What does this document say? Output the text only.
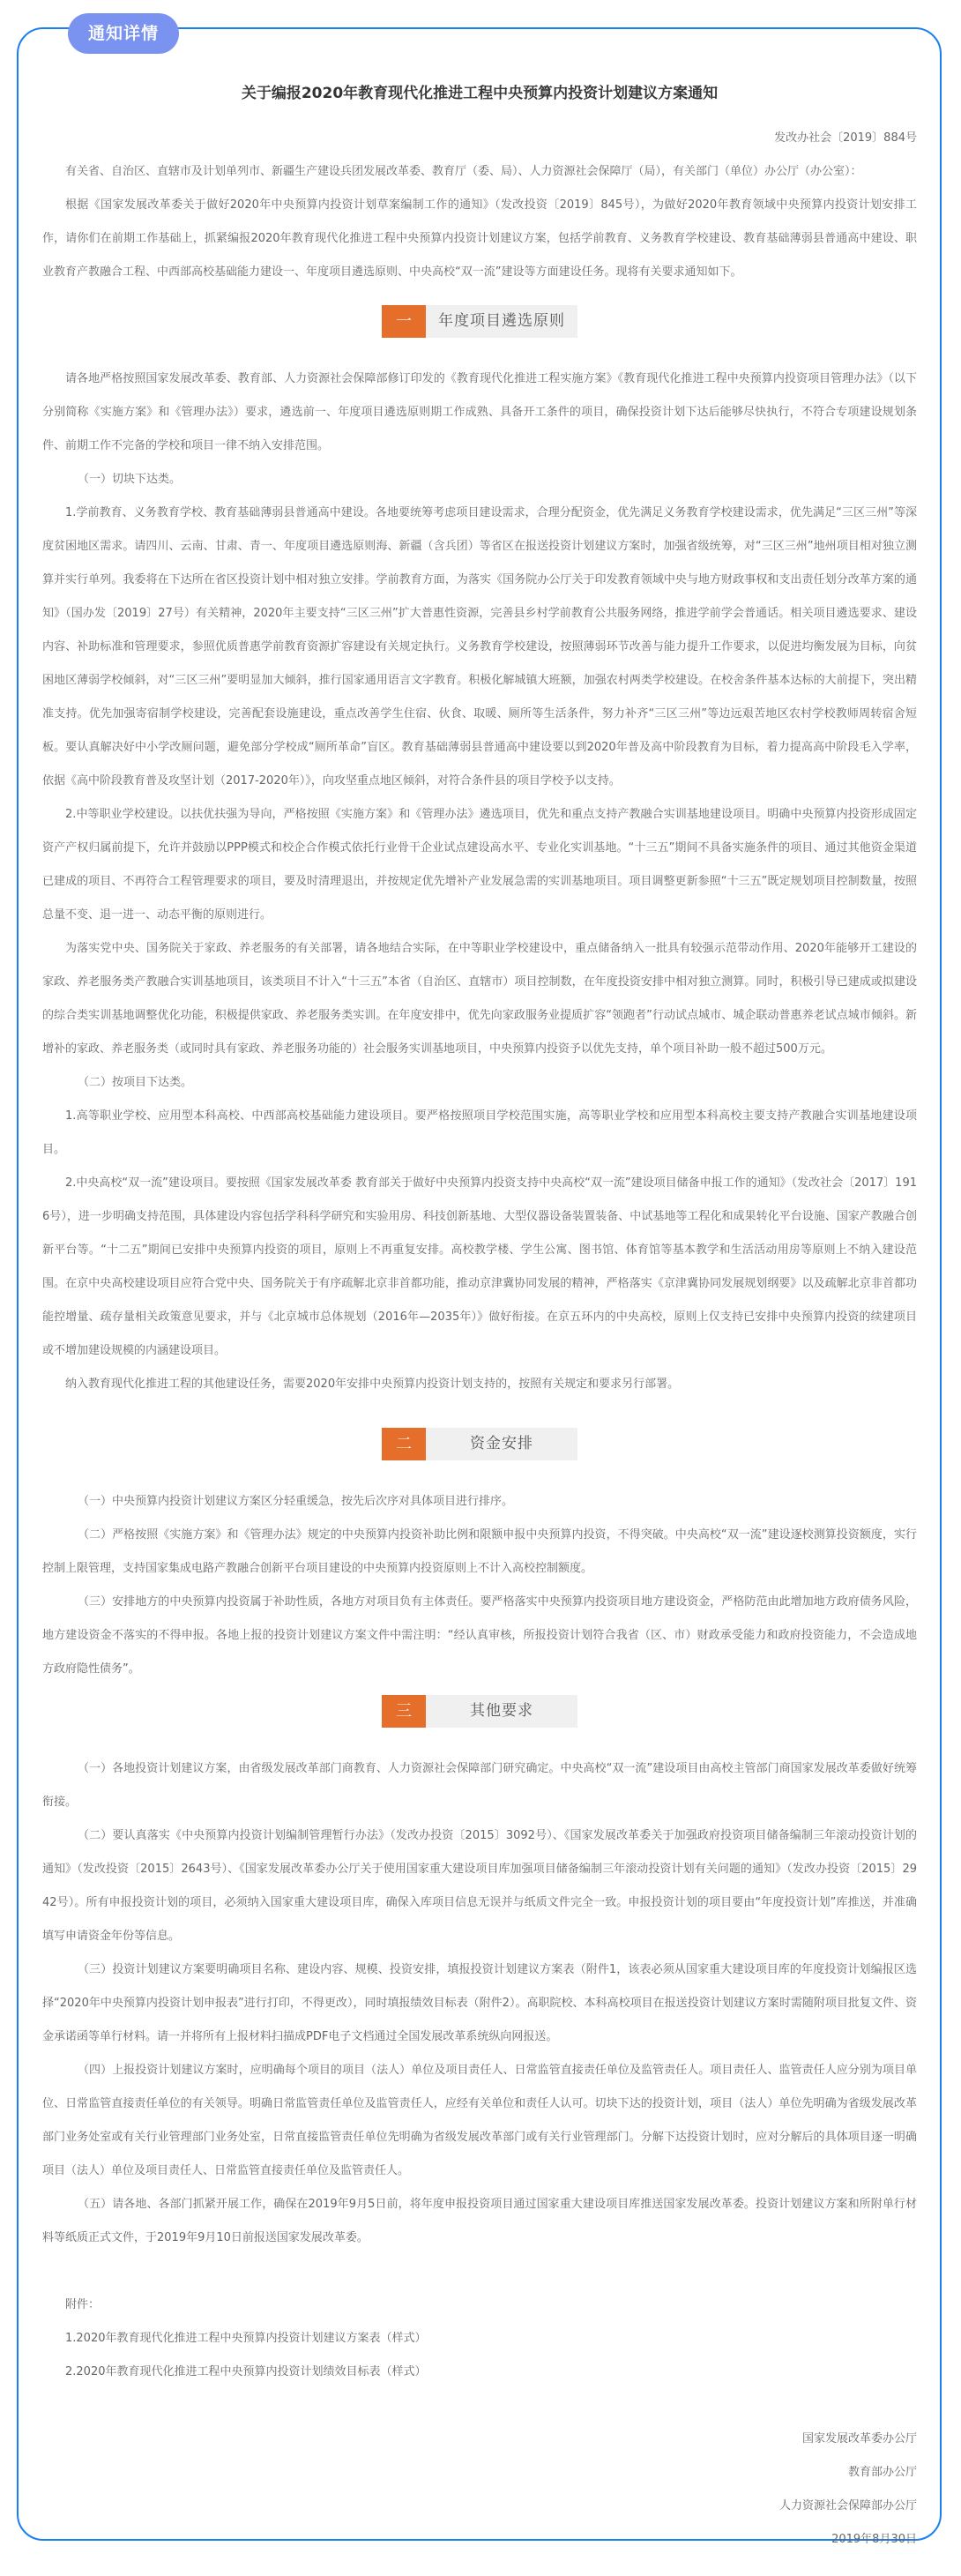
通知详情
关于编报2020年教育现代化推进工程中央预算内投资计划建议方案通知

发改办社会〔2019〕884号

有关省、自治区、直辖市及计划单列市、新疆生产建设兵团发展改革委、教育厅（委、局）、人力资源社会保障厅（局），有关部门（单位）办公厅（办公室）：

根据《国家发展改革委关于做好2020年中央预算内投资计划草案编制工作的通知》（发改投资〔2019〕845号），为做好2020年教育领域中央预算内投资计划安排工作，请你们在前期工作基础上，抓紧编报2020年教育现代化推进工程中央预算内投资计划建议方案，包括学前教育、义务教育学校建设、教育基础薄弱县普通高中建设、职业教育产教融合工程、中西部高校基础能力建设一、年度项目遴选原则、中央高校“双一流”建设等方面建设任务。现将有关要求通知如下。

一	年度项目遴选原则

请各地严格按照国家发展改革委、教育部、人力资源社会保障部修订印发的《教育现代化推进工程实施方案》《教育现代化推进工程中央预算内投资项目管理办法》（以下分别简称《实施方案》和《管理办法》）要求，遴选前一、年度项目遴选原则期工作成熟、具备开工条件的项目，确保投资计划下达后能够尽快执行，不符合专项建设规划条件、前期工作不完备的学校和项目一律不纳入安排范围。

（一）切块下达类。

1.学前教育、义务教育学校、教育基础薄弱县普通高中建设。各地要统筹考虑项目建设需求，合理分配资金，优先满足义务教育学校建设需求，优先满足“三区三州”等深度贫困地区需求。请四川、云南、甘肃、青一、年度项目遴选原则海、新疆（含兵团）等省区在报送投资计划建议方案时，加强省级统筹，对“三区三州”地州项目相对独立测算并实行单列。我委将在下达所在省区投资计划中相对独立安排。学前教育方面，为落实《国务院办公厅关于印发教育领域中央与地方财政事权和支出责任划分改革方案的通知》（国办发〔2019〕27号）有关精神，2020年主要支持“三区三州”扩大普惠性资源，完善县乡村学前教育公共服务网络，推进学前学会普通话。相关项目遴选要求、建设内容、补助标准和管理要求，参照优质普惠学前教育资源扩容建设有关规定执行。义务教育学校建设，按照薄弱环节改善与能力提升工作要求，以促进均衡发展为目标，向贫困地区薄弱学校倾斜，对“三区三州”要明显加大倾斜，推行国家通用语言文字教育。积极化解城镇大班额，加强农村两类学校建设。在校舍条件基本达标的大前提下，突出精准支持。优先加强寄宿制学校建设，完善配套设施建设，重点改善学生住宿、伙食、取暖、厕所等生活条件，努力补齐“三区三州”等边远艰苦地区农村学校教师周转宿舍短板。要认真解决好中小学改厕问题，避免部分学校成“厕所革命”盲区。教育基础薄弱县普通高中建设要以到2020年普及高中阶段教育为目标，着力提高高中阶段毛入学率，依据《高中阶段教育普及攻坚计划（2017-2020年）》，向攻坚重点地区倾斜，对符合条件县的项目学校予以支持。

2.中等职业学校建设。以扶优扶强为导向，严格按照《实施方案》和《管理办法》遴选项目，优先和重点支持产教融合实训基地建设项目。明确中央预算内投资形成固定资产产权归属前提下，允许并鼓励以PPP模式和校企合作模式依托行业骨干企业试点建设高水平、专业化实训基地。“十三五”期间不具备实施条件的项目、通过其他资金渠道已建成的项目、不再符合工程管理要求的项目，要及时清理退出，并按规定优先增补产业发展急需的实训基地项目。项目调整更新参照“十三五”既定规划项目控制数量，按照总量不变、退一进一、动态平衡的原则进行。

为落实党中央、国务院关于家政、养老服务的有关部署，请各地结合实际，在中等职业学校建设中，重点储备纳入一批具有较强示范带动作用、2020年能够开工建设的家政、养老服务类产教融合实训基地项目，该类项目不计入“十三五”本省（自治区、直辖市）项目控制数，在年度投资安排中相对独立测算。同时，积极引导已建成或拟建设的综合类实训基地调整优化功能，积极提供家政、养老服务类实训。在年度安排中，优先向家政服务业提质扩容“领跑者”行动试点城市、城企联动普惠养老试点城市倾斜。新增补的家政、养老服务类（或同时具有家政、养老服务功能的）社会服务实训基地项目，中央预算内投资予以优先支持，单个项目补助一般不超过500万元。

（二）按项目下达类。

1.高等职业学校、应用型本科高校、中西部高校基础能力建设项目。要严格按照项目学校范围实施，高等职业学校和应用型本科高校主要支持产教融合实训基地建设项目。

2.中央高校“双一流”建设项目。要按照《国家发展改革委 教育部关于做好中央预算内投资支持中央高校“双一流”建设项目储备申报工作的通知》（发改社会〔2017〕1916号），进一步明确支持范围，具体建设内容包括学科科学研究和实验用房、科技创新基地、大型仪器设备装置装备、中试基地等工程化和成果转化平台设施、国家产教融合创新平台等。“十二五”期间已安排中央预算内投资的项目，原则上不再重复安排。高校教学楼、学生公寓、图书馆、体育馆等基本教学和生活活动用房等原则上不纳入建设范围。在京中央高校建设项目应符合党中央、国务院关于有序疏解北京非首都功能，推动京津冀协同发展的精神，严格落实《京津冀协同发展规划纲要》以及疏解北京非首都功能控增量、疏存量相关政策意见要求，并与《北京城市总体规划（2016年—2035年）》做好衔接。在京五环内的中央高校，原则上仅支持已安排中央预算内投资的续建项目或不增加建设规模的内涵建设项目。

纳入教育现代化推进工程的其他建设任务，需要2020年安排中央预算内投资计划支持的，按照有关规定和要求另行部署。

二	资金安排

（一）中央预算内投资计划建议方案区分轻重缓急，按先后次序对具体项目进行排序。

（二）严格按照《实施方案》和《管理办法》规定的中央预算内投资补助比例和限额申报中央预算内投资，不得突破。中央高校“双一流”建设逐校测算投资额度，实行控制上限管理，支持国家集成电路产教融合创新平台项目建设的中央预算内投资原则上不计入高校控制额度。

（三）安排地方的中央预算内投资属于补助性质，各地方对项目负有主体责任。要严格落实中央预算内投资项目地方建设资金，严格防范由此增加地方政府债务风险，地方建设资金不落实的不得申报。各地上报的投资计划建议方案文件中需注明：“经认真审核，所报投资计划符合我省（区、市）财政承受能力和政府投资能力，不会造成地方政府隐性债务”。

三	其他要求

（一）各地投资计划建议方案，由省级发展改革部门商教育、人力资源社会保障部门研究确定。中央高校“双一流”建设项目由高校主管部门商国家发展改革委做好统筹衔接。

（二）要认真落实《中央预算内投资计划编制管理暂行办法》（发改办投资〔2015〕3092号）、《国家发展改革委关于加强政府投资项目储备编制三年滚动投资计划的通知》（发改投资〔2015〕2643号）、《国家发展改革委办公厅关于使用国家重大建设项目库加强项目储备编制三年滚动投资计划有关问题的通知》（发改办投资〔2015〕2942号）。所有申报投资计划的项目，必须纳入国家重大建设项目库，确保入库项目信息无误并与纸质文件完全一致。申报投资计划的项目要由“年度投资计划”库推送，并准确填写申请资金年份等信息。

（三）投资计划建议方案要明确项目名称、建设内容、规模、投资安排，填报投资计划建议方案表（附件1，该表必须从国家重大建设项目库的年度投资计划编报区选择“2020年中央预算内投资计划申报表”进行打印，不得更改），同时填报绩效目标表（附件2）。高职院校、本科高校项目在报送投资计划建议方案时需随附项目批复文件、资金承诺函等单行材料。请一并将所有上报材料扫描成PDF电子文档通过全国发展改革系统纵向网报送。

（四）上报投资计划建议方案时，应明确每个项目的项目（法人）单位及项目责任人、日常监管直接责任单位及监管责任人。项目责任人、监管责任人应分别为项目单位、日常监管直接责任单位的有关领导。明确日常监管责任单位及监管责任人，应经有关单位和责任人认可。切块下达的投资计划，项目（法人）单位先明确为省级发展改革部门业务处室或有关行业管理部门业务处室，日常直接监管责任单位先明确为省级发展改革部门或有关行业管理部门。分解下达投资计划时，应对分解后的具体项目逐一明确项目（法人）单位及项目责任人、日常监管直接责任单位及监管责任人。

（五）请各地、各部门抓紧开展工作，确保在2019年9月5日前，将年度申报投资项目通过国家重大建设项目库推送国家发展改革委。投资计划建议方案和所附单行材料等纸质正式文件，于2019年9月10日前报送国家发展改革委。

附件：

1.2020年教育现代化推进工程中央预算内投资计划建议方案表（样式）

2.2020年教育现代化推进工程中央预算内投资计划绩效目标表（样式）

国家发展改革委办公厅

教育部办公厅

人力资源社会保障部办公厅

2019年8月30日
